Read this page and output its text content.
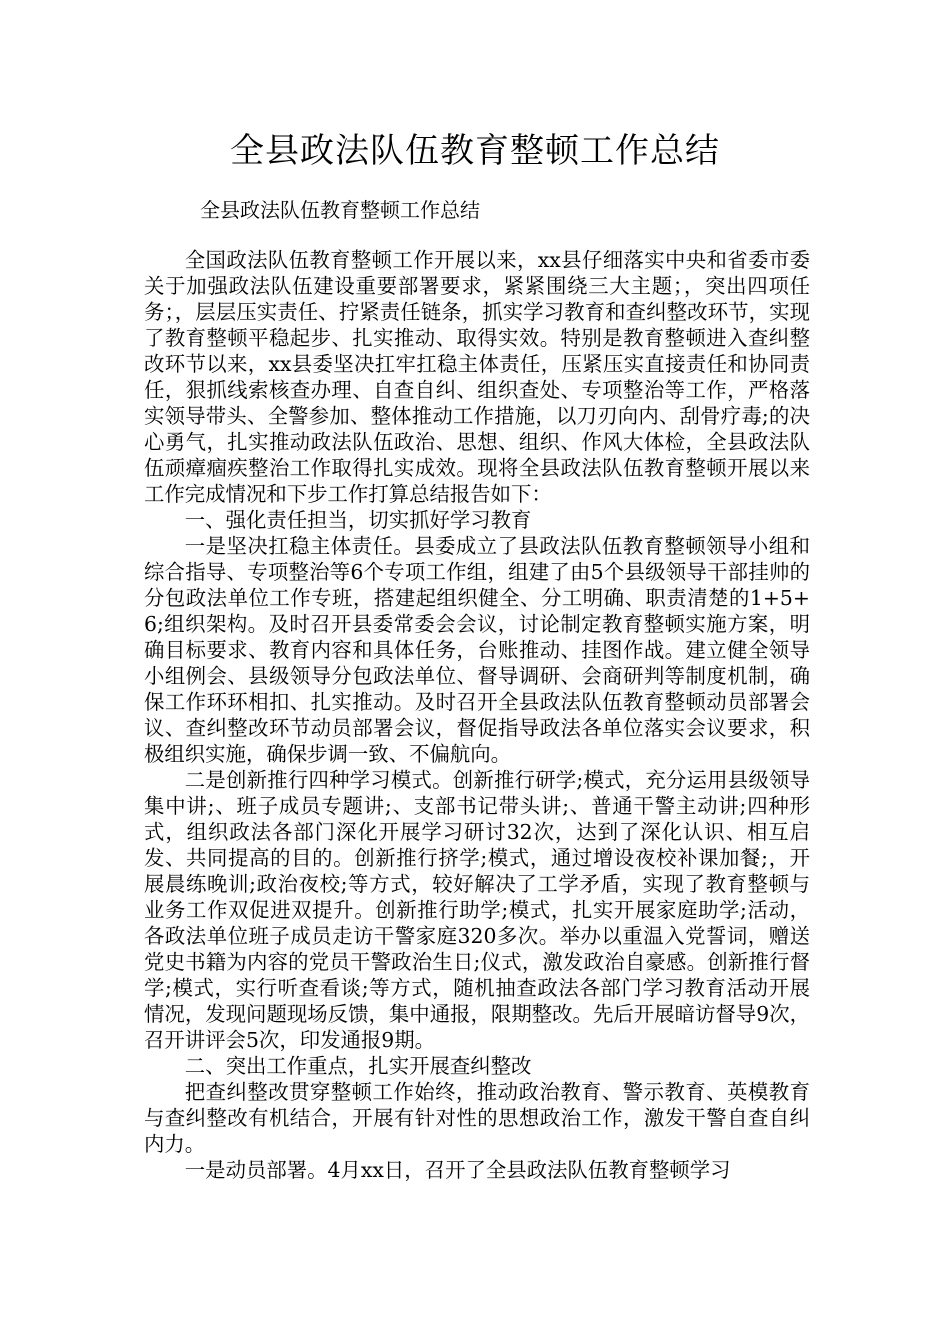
全县政法队伍教育整顿工作总结
全县政法队伍教育整顿工作总结

全国政法队伍教育整顿工作开展以来，xx县仔细落实中央和省委市委关于加强政法队伍建设重要部署要求，紧紧围绕三大主题；，突出四项任务；，层层压实责任、拧紧责任链条，抓实学习教育和查纠整改环节，实现了教育整顿平稳起步、扎实推动、取得实效。特别是教育整顿进入查纠整改环节以来，xx县委坚决扛牢扛稳主体责任，压紧压实直接责任和协同责任，狠抓线索核查办理、自查自纠、组织查处、专项整治等工作，严格落实领导带头、全警参加、整体推动工作措施，以刀刃向内、刮骨疗毒;的决心勇气，扎实推动政法队伍政治、思想、组织、作风大体检，全县政法队伍顽瘴痼疾整治工作取得扎实成效。现将全县政法队伍教育整顿开展以来工作完成情况和下步工作打算总结报告如下：

一、强化责任担当，切实抓好学习教育

一是坚决扛稳主体责任。县委成立了县政法队伍教育整顿领导小组和综合指导、专项整治等6个专项工作组，组建了由5个县级领导干部挂帅的分包政法单位工作专班，搭建起组织健全、分工明确、职责清楚的1+5+6;组织架构。及时召开县委常委会会议，讨论制定教育整顿实施方案，明确目标要求、教育内容和具体任务，台账推动、挂图作战。建立健全领导小组例会、县级领导分包政法单位、督导调研、会商研判等制度机制，确保工作环环相扣、扎实推动。及时召开全县政法队伍教育整顿动员部署会议、查纠整改环节动员部署会议，督促指导政法各单位落实会议要求，积极组织实施，确保步调一致、不偏航向。

二是创新推行四种学习模式。创新推行研学;模式，充分运用县级领导集中讲;、班子成员专题讲;、支部书记带头讲;、普通干警主动讲;四种形式，组织政法各部门深化开展学习研讨32次，达到了深化认识、相互启发、共同提高的目的。创新推行挤学;模式，通过增设夜校补课加餐;，开展晨练晚训;政治夜校;等方式，较好解决了工学矛盾，实现了教育整顿与业务工作双促进双提升。创新推行助学;模式，扎实开展家庭助学;活动，各政法单位班子成员走访干警家庭320多次。举办以重温入党誓词，赠送党史书籍为内容的党员干警政治生日;仪式，激发政治自豪感。创新推行督学;模式，实行听查看谈;等方式，随机抽查政法各部门学习教育活动开展情况，发现问题现场反馈，集中通报，限期整改。先后开展暗访督导9次，召开讲评会5次，印发通报9期。

二、突出工作重点，扎实开展查纠整改

把查纠整改贯穿整顿工作始终，推动政治教育、警示教育、英模教育与查纠整改有机结合，开展有针对性的思想政治工作，激发干警自查自纠内力。

一是动员部署。4月xx日，召开了全县政法队伍教育整顿学习
